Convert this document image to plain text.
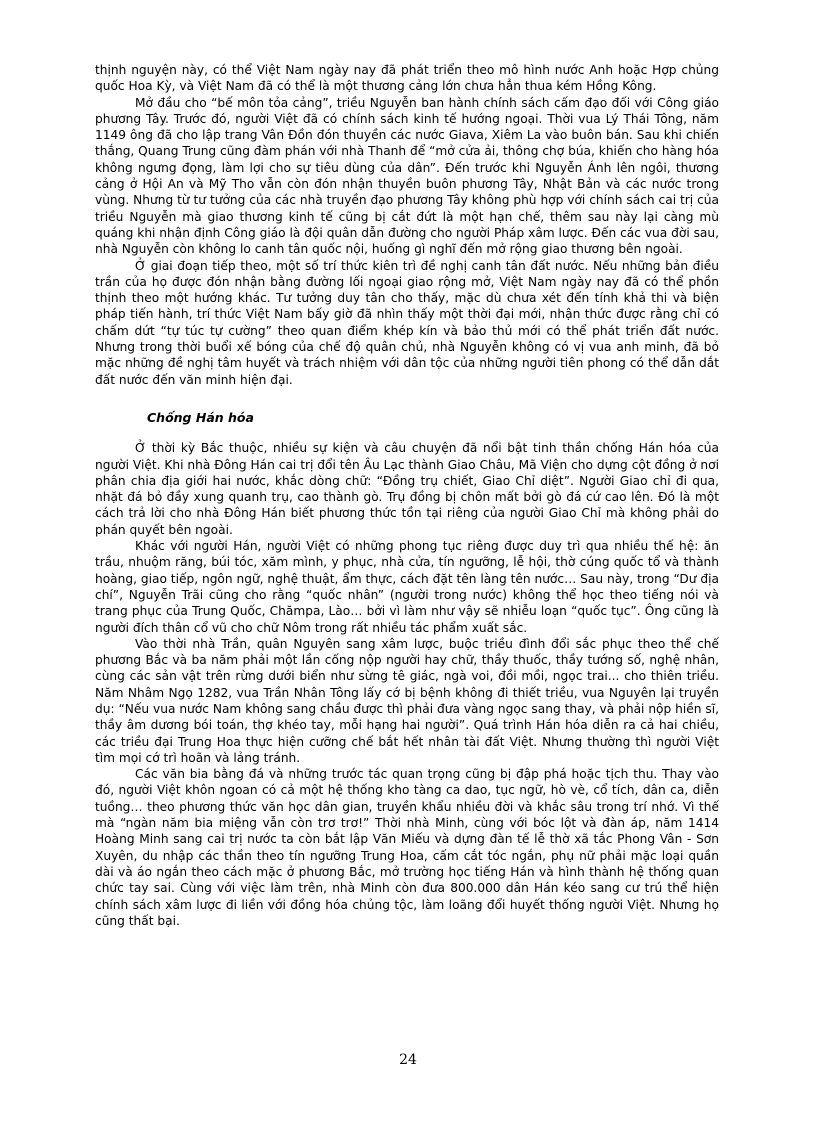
thịnh nguyện này, có thể Việt Nam ngày nay đã phát triển theo mô hình nước Anh hoặc Hợp chủng quốc Hoa Kỳ, và Việt Nam đã có thể là một thương cảng lớn chưa hẳn thua kém Hồng Kông.

Mở đầu cho “bế môn tỏa cảng”, triều Nguyễn ban hành chính sách cấm đạo đối với Công giáo phương Tây. Trước đó, người Việt đã có chính sách kinh tế hướng ngoại. Thời vua Lý Thái Tông, năm 1149 ông đã cho lập trang Vân Đồn đón thuyền các nước Giava, Xiêm La vào buôn bán. Sau khi chiến thắng, Quang Trung cũng đàm phán với nhà Thanh để “mở cửa ải, thông chợ búa, khiến cho hàng hóa không ngưng đọng, làm lợi cho sự tiêu dùng của dân”. Đến trước khi Nguyễn Ánh lên ngôi, thương cảng ở Hội An và Mỹ Tho vẫn còn đón nhận thuyền buôn phương Tây, Nhật Bản và các nước trong vùng. Nhưng từ tư tưởng của các nhà truyền đạo phương Tây không phù hợp với chính sách cai trị của triều Nguyễn mà giao thương kinh tế cũng bị cắt đứt là một hạn chế, thêm sau này lại càng mù quáng khi nhận định Công giáo là đội quân dẫn đường cho người Pháp xâm lược. Đến các vua đời sau, nhà Nguyễn còn không lo canh tân quốc nội, huống gì nghĩ đến mở rộng giao thương bên ngoài.

Ở giai đoạn tiếp theo, một số trí thức kiên trì đề nghị canh tân đất nước. Nếu những bản điều trần của họ được đón nhận bằng đường lối ngoại giao rộng mở, Việt Nam ngày nay đã có thể phồn thịnh theo một hướng khác. Tư tưởng duy tân cho thấy, mặc dù chưa xét đến tính khả thi và biện pháp tiến hành, trí thức Việt Nam bấy giờ đã nhìn thấy một thời đại mới, nhận thức được rằng chỉ có chấm dứt “tự túc tự cường” theo quan điểm khép kín và bảo thủ mới có thể phát triển đất nước. Nhưng trong thời buổi xế bóng của chế độ quân chủ, nhà Nguyễn không có vị vua anh minh, đã bỏ mặc những đề nghị tâm huyết và trách nhiệm với dân tộc của những người tiên phong có thể dẫn dắt đất nước đến văn minh hiện đại.

Chống Hán hóa

Ở thời kỳ Bắc thuộc, nhiều sự kiện và câu chuyện đã nổi bật tinh thần chống Hán hóa của người Việt. Khi nhà Đông Hán cai trị đổi tên Âu Lạc thành Giao Châu, Mã Viện cho dựng cột đồng ở nơi phân chia địa giới hai nước, khắc dòng chữ: “Đồng trụ chiết, Giao Chỉ diệt”. Người Giao chỉ đi qua, nhặt đá bỏ đầy xung quanh trụ, cao thành gò. Trụ đồng bị chôn mất bởi gò đá cứ cao lên. Đó là một cách trả lời cho nhà Đông Hán biết phương thức tồn tại riêng của người Giao Chỉ mà không phải do phán quyết bên ngoài.

Khác với người Hán, người Việt có những phong tục riêng được duy trì qua nhiều thế hệ: ăn trầu, nhuộm răng, búi tóc, xăm mình, y phục, nhà cửa, tín ngưỡng, lễ hội, thờ cúng quốc tổ và thành hoàng, giao tiếp, ngôn ngữ, nghệ thuật, ẩm thực, cách đặt tên làng tên nước… Sau này, trong “Dư địa chí”, Nguyễn Trãi cũng cho rằng “quốc nhân” (người trong nước) không thể học theo tiếng nói và trang phục của Trung Quốc, Chămpa, Lào… bởi vì làm như vậy sẽ nhiễu loạn “quốc tục”. Ông cũng là người đích thân cổ vũ cho chữ Nôm trong rất nhiều tác phẩm xuất sắc.

Vào thời nhà Trần, quân Nguyên sang xâm lược, buộc triều đình đổi sắc phục theo thể chế phương Bắc và ba năm phải một lần cống nộp người hay chữ, thầy thuốc, thầy tướng số, nghệ nhân, cùng các sản vật trên rừng dưới biển như sừng tê giác, ngà voi, đồi mồi, ngọc trai... cho thiên triều. Năm Nhâm Ngọ 1282, vua Trần Nhân Tông lấy cớ bị bệnh không đi thiết triều, vua Nguyên lại truyền dụ: “Nếu vua nước Nam không sang chầu được thì phải đưa vàng ngọc sang thay, và phải nộp hiền sĩ, thầy âm dương bói toán, thợ khéo tay, mỗi hạng hai người”. Quá trình Hán hóa diễn ra cả hai chiều, các triều đại Trung Hoa thực hiện cưỡng chế bắt hết nhân tài đất Việt. Nhưng thường thì người Việt tìm mọi cớ trì hoãn và lảng tránh.

Các văn bia bằng đá và những trước tác quan trọng cũng bị đập phá hoặc tịch thu. Thay vào đó, người Việt khôn ngoan có cả một hệ thống kho tàng ca dao, tục ngữ, hò vè, cổ tích, dân ca, diễn tuồng… theo phương thức văn học dân gian, truyền khẩu nhiều đời và khắc sâu trong trí nhớ. Vì thế mà “ngàn năm bia miệng vẫn còn trơ trơ!” Thời nhà Minh, cùng với bóc lột và đàn áp, năm 1414 Hoàng Minh sang cai trị nước ta còn bắt lập Văn Miếu và dựng đàn tế lễ thờ xã tắc Phong Vân - Sơn Xuyên, du nhập các thần theo tín ngưỡng Trung Hoa, cấm cắt tóc ngắn, phụ nữ phải mặc loại quần dài và áo ngắn theo cách mặc ở phương Bắc, mở trường học tiếng Hán và hình thành hệ thống quan chức tay sai. Cùng với việc làm trên, nhà Minh còn đưa 800.000 dân Hán kéo sang cư trú thể hiện chính sách xâm lược đi liền với đồng hóa chủng tộc, làm loãng đổi huyết thống người Việt. Nhưng họ cũng thất bại.

24
